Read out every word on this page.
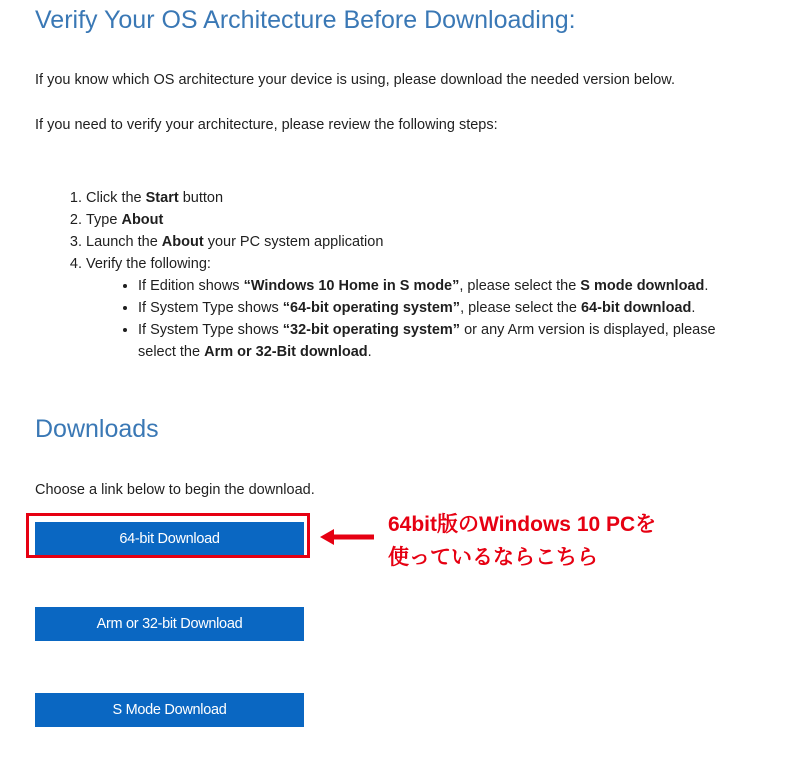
Verify Your OS Architecture Before Downloading:

If you know which OS architecture your device is using, please download the needed version below.

If you need to verify your architecture, please review the following steps:

1. Click the Start button
2. Type About
3. Launch the About your PC system application
4. Verify the following:
• If Edition shows “Windows 10 Home in S mode”, please select the S mode download.
• If System Type shows “64-bit operating system”, please select the 64-bit download.
• If System Type shows “32-bit operating system” or any Arm version is displayed, please select the Arm or 32-Bit download.
Downloads

Choose a link below to begin the download.

64-bit Download

64bit版のWindows 10 PCを
使っているならこちら

Arm or 32-bit Download
S Mode Download
